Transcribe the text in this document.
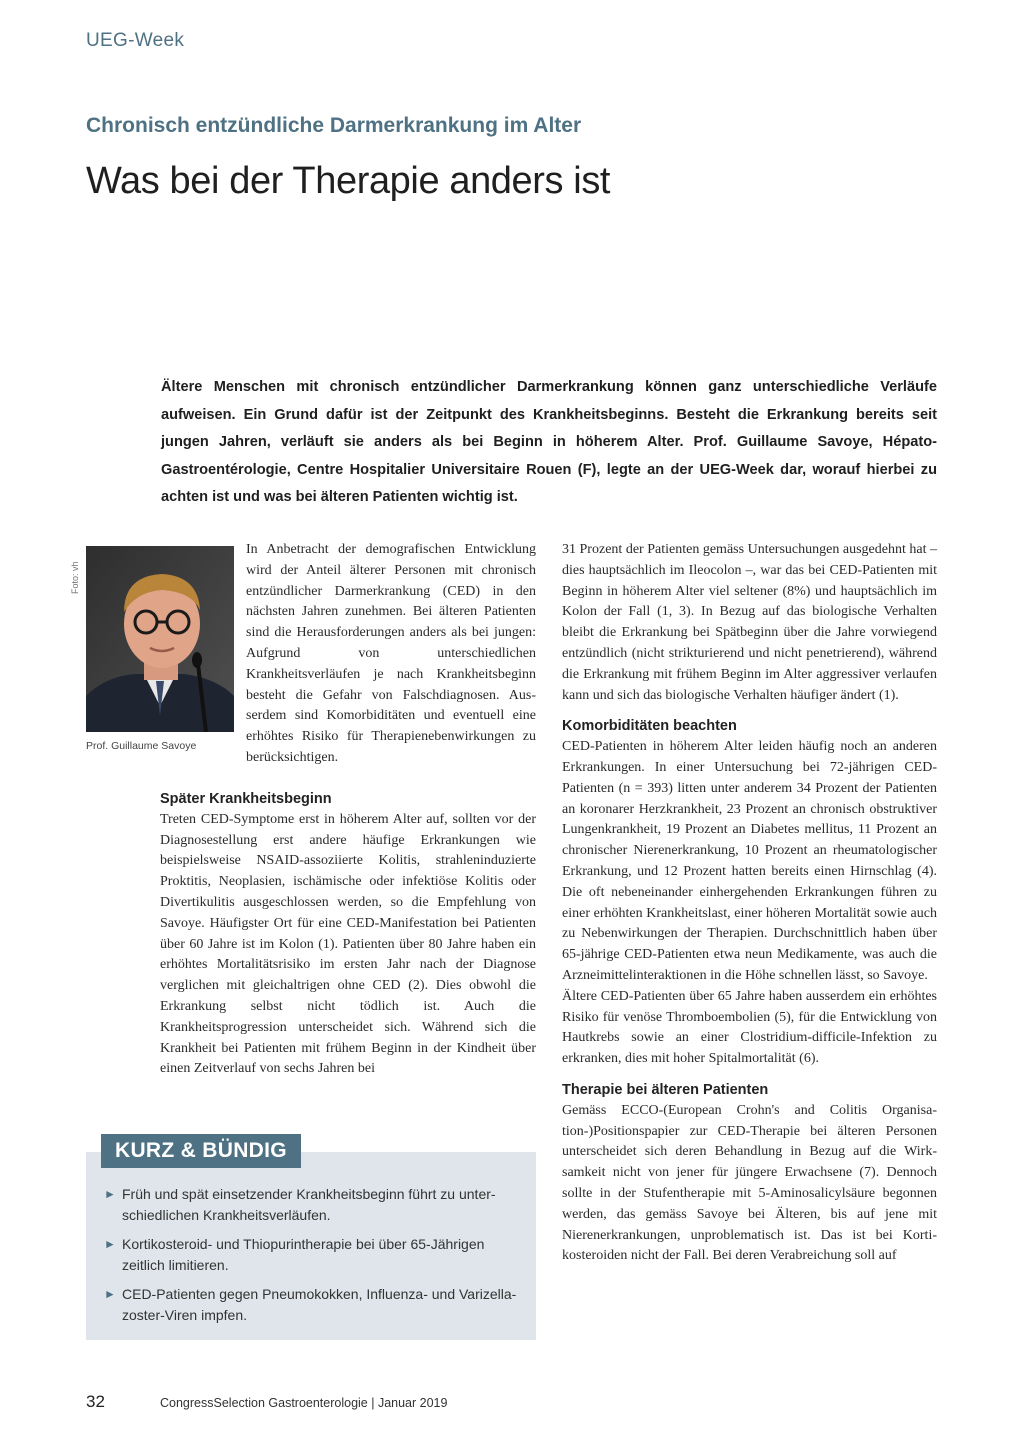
UEG-Week
Chronisch entzündliche Darmerkrankung im Alter
Was bei der Therapie anders ist

Ältere Menschen mit chronisch entzündlicher Darmerkrankung können ganz unterschiedliche Verläufe aufweisen. Ein Grund dafür ist der Zeitpunkt des Krankheitsbeginns. Besteht die Erkrankung bereits seit jungen Jahren, verläuft sie anders als bei Beginn in höherem Alter. Prof. Guillaume Savoye, Hépato-Gastroentérologie, Centre Hospitalier Universitaire Rouen (F), legte an der UEG-Week dar, worauf hierbei zu achten ist und was bei älteren Patienten wichtig ist.

Foto: vh
Prof. Guillaume Savoye

In Anbetracht der demografischen Entwicklung wird der Anteil älterer Personen mit chronisch entzündlicher Darmerkrankung (CED) in den nächsten Jahren zunehmen. Bei älteren Patienten sind die Herausforderungen anders als bei jungen: Aufgrund von unterschiedlichen Krankheitsverläufen je nach Krankheitsbeginn besteht die Gefahr von Falschdiagnosen. Ausserdem sind Komorbiditäten und eventuell eine erhöhtes Risiko für Therapienebenwirkungen zu berücksichtigen.

Später Krankheitsbeginn

Treten CED-Symptome erst in höherem Alter auf, sollten vor der Diagnosestellung erst andere häufige Erkrankungen wie beispielsweise NSAID-assoziierte Kolitis, strahleninduzierte Proktitis, Neoplasien, ischämische oder infektiöse Kolitis oder Divertikulitis ausgeschlossen werden, so die Empfehlung von Savoye. Häufigster Ort für eine CED-Manifestation bei Patienten über 60 Jahre ist im Kolon (1). Patienten über 80 Jahre haben ein erhöhtes Mortalitätsrisiko im ersten Jahr nach der Diagnose verglichen mit gleichaltrigen ohne CED (2). Dies obwohl die Erkrankung selbst nicht tödlich ist. Auch die Krankheitsprogression unterscheidet sich. Während sich die Krankheit bei Patienten mit frühem Beginn in der Kindheit über einen Zeitverlauf von sechs Jahren bei

31 Prozent der Patienten gemäss Untersuchungen ausgedehnt hat – dies hauptsächlich im Ileocolon –, war das bei CED-Patienten mit Beginn in höherem Alter viel seltener (8%) und hauptsächlich im Kolon der Fall (1, 3). In Bezug auf das biologische Verhalten bleibt die Erkrankung bei Spätbeginn über die Jahre vorwiegend entzündlich (nicht strikturierend und nicht penetrierend), während die Erkrankung mit frühem Beginn im Alter aggressiver verlaufen kann und sich das biologische Verhalten häufiger ändert (1).

Komorbiditäten beachten

CED-Patienten in höherem Alter leiden häufig noch an anderen Erkrankungen. In einer Untersuchung bei 72-jährigen CED-Patienten (n = 393) litten unter anderem 34 Prozent der Patienten an koronarer Herzkrankheit, 23 Prozent an chronisch obstruktiver Lungenkrankheit, 19 Prozent an Diabetes mellitus, 11 Prozent an chronischer Nierenerkrankung, 10 Prozent an rheumatologischer Erkrankung, und 12 Prozent hatten bereits einen Hirnschlag (4). Die oft nebeneinander einhergehenden Erkrankungen führen zu einer erhöhten Krankheitslast, einer höheren Mortalität sowie auch zu Nebenwirkungen der Therapien. Durchschnittlich haben über 65-jährige CED-Patienten etwa neun Medikamente, was auch die Arzneimittelinteraktionen in die Höhe schnellen lässt, so Savoye.

Ältere CED-Patienten über 65 Jahre haben ausserdem ein erhöhtes Risiko für venöse Thromboembolien (5), für die Entwicklung von Hautkrebs sowie an einer Clostridium-difficile-Infektion zu erkranken, dies mit hoher Spitalmortalität (6).

Therapie bei älteren Patienten

Gemäss ECCO-(European Crohn's and Colitis Organisation-)Positionspapier zur CED-Therapie bei älteren Personen unterscheidet sich deren Behandlung in Bezug auf die Wirksamkeit nicht von jener für jüngere Erwachsene (7). Dennoch sollte in der Stufentherapie mit 5-Aminosalicylsäure begonnen werden, das gemäss Savoye bei Älteren, bis auf jene mit Nierenerkrankungen, unproblematisch ist. Das ist bei Kortikosteroiden nicht der Fall. Bei deren Verabreichung soll auf

KURZ & BÜNDIG
► Früh und spät einsetzender Krankheitsbeginn führt zu unterschiedlichen Krankheitsverläufen.
► Kortikosteroid- und Thiopurintherapie bei über 65-Jährigen zeitlich limitieren.
► CED-Patienten gegen Pneumokokken, Influenza- und Varizella-zoster-Viren impfen.
32	CongressSelection Gastroenterologie | Januar 2019
